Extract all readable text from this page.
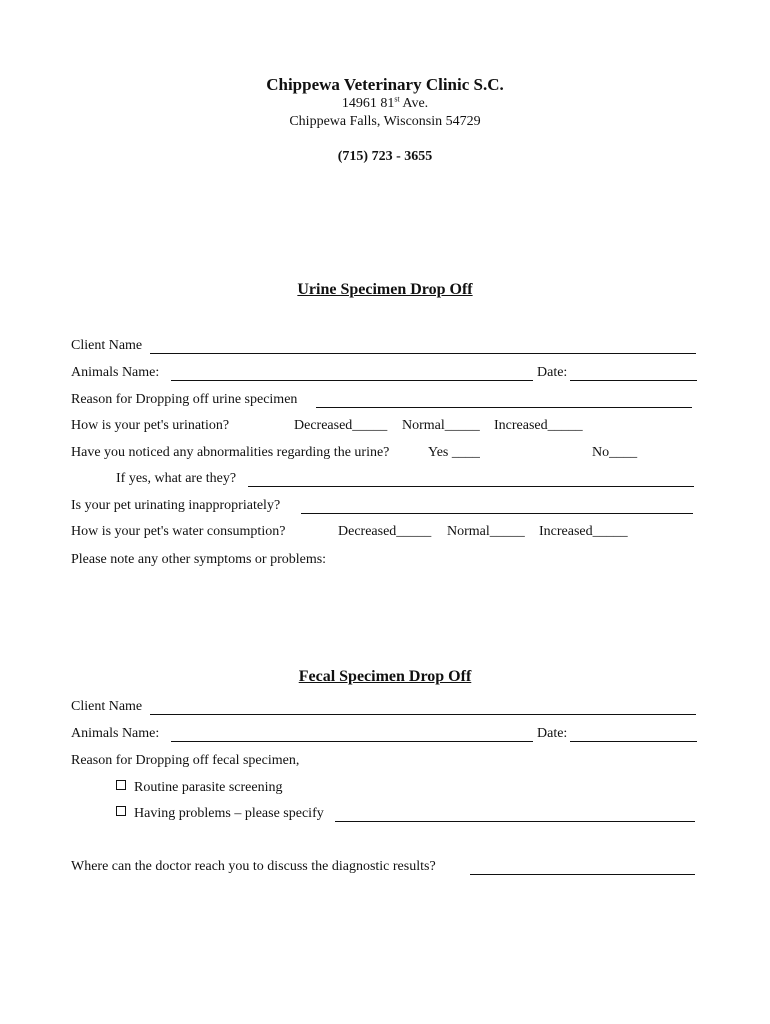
Chippewa Veterinary Clinic S.C.
14961 81st Ave.
Chippewa Falls, Wisconsin 54729
(715) 723 - 3655
Urine Specimen Drop Off
Client Name
Animals Name:	Date:
Reason for Dropping off urine specimen
How is your pet's urination?	Decreased_____ Normal_____ Increased_____
Have you noticed any abnormalities regarding the urine?	Yes ____	No____
If yes, what are they?
Is your pet urinating inappropriately?
How is your pet's water consumption?	Decreased_____ Normal_____ Increased_____
Please note any other symptoms or problems:
Fecal Specimen Drop Off
Client Name
Animals Name:	Date:
Reason for Dropping off fecal specimen,
Routine parasite screening
Having problems – please specify
Where can the doctor reach you to discuss the diagnostic results?
